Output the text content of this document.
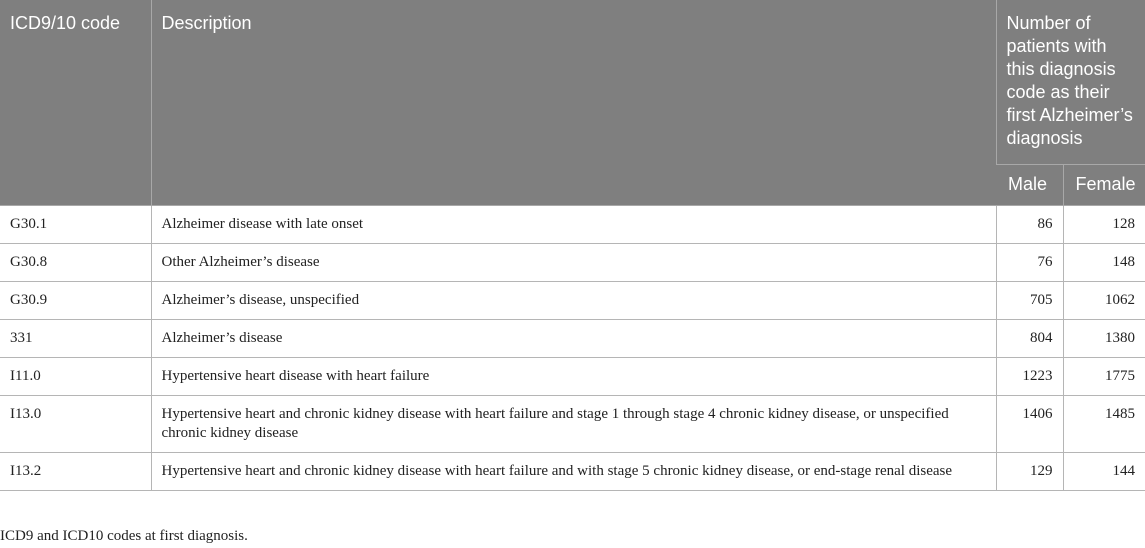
ICD9/10 code	Description	Number of patients with this diagnosis code as their first Alzheimer’s diagnosis	
		Male	Female
G30.1	Alzheimer disease with late onset	86	128
G30.8	Other Alzheimer’s disease	76	148
G30.9	Alzheimer’s disease, unspecified	705	1062
331	Alzheimer’s disease	804	1380
I11.0	Hypertensive heart disease with heart failure	1223	1775
I13.0	Hypertensive heart and chronic kidney disease with heart failure and stage 1 through stage 4 chronic kidney disease, or unspecified chronic kidney disease	1406	1485
I13.2	Hypertensive heart and chronic kidney disease with heart failure and with stage 5 chronic kidney disease, or end-stage renal disease	129	144
ICD9 and ICD10 codes at first diagnosis.
